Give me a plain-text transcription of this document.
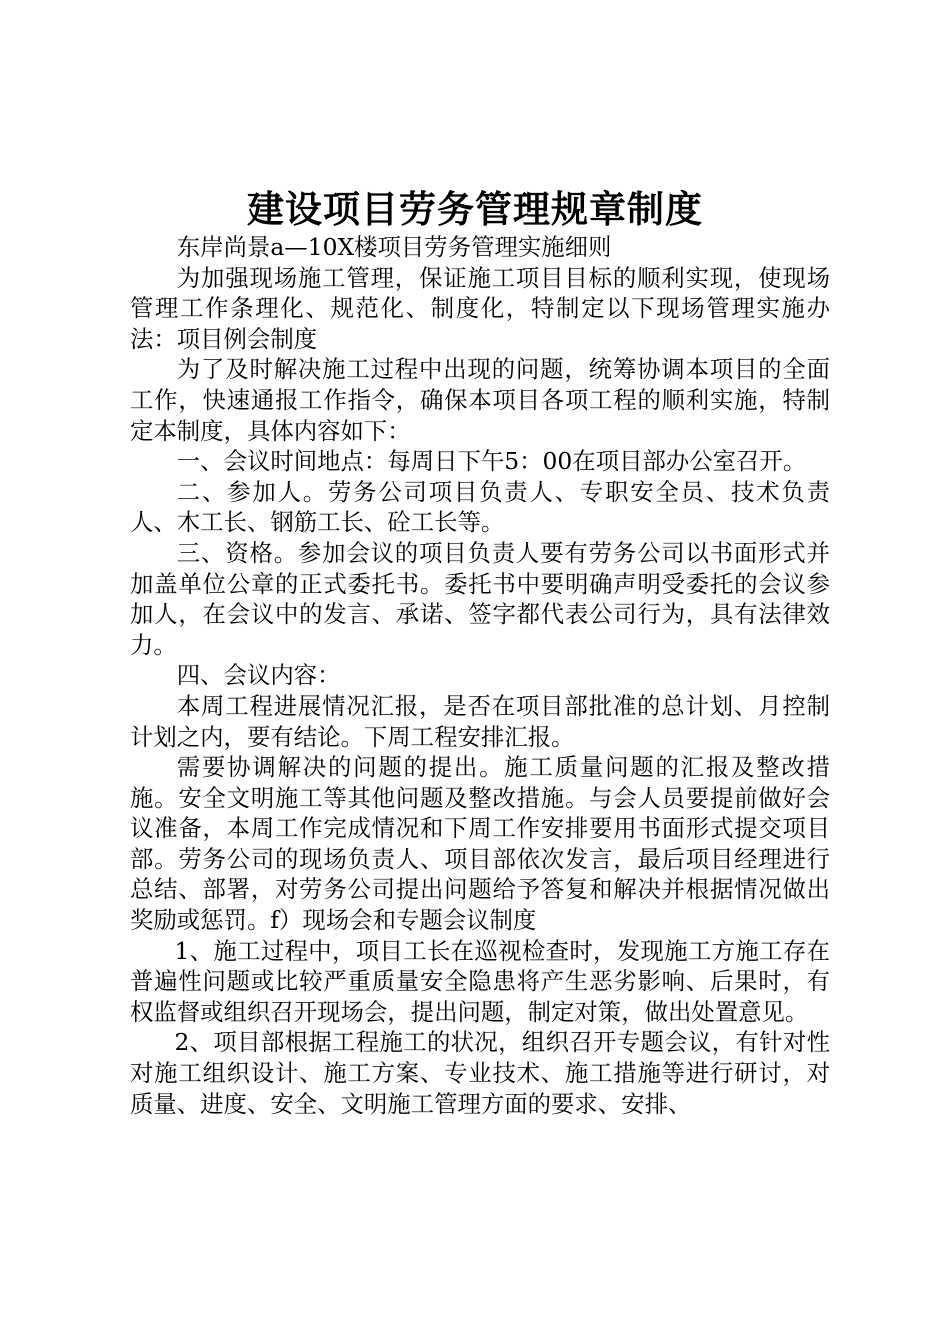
建设项目劳务管理规章制度

东岸尚景a—10X楼项目劳务管理实施细则

为加强现场施工管理，保证施工项目目标的顺利实现，使现场管理工作条理化、规范化、制度化，特制定以下现场管理实施办法：项目例会制度

为了及时解决施工过程中出现的问题，统筹协调本项目的全面工作，快速通报工作指令，确保本项目各项工程的顺利实施，特制定本制度，具体内容如下：

一、会议时间地点：每周日下午5：00在项目部办公室召开。

二、参加人。劳务公司项目负责人、专职安全员、技术负责人、木工长、钢筋工长、砼工长等。

三、资格。参加会议的项目负责人要有劳务公司以书面形式并加盖单位公章的正式委托书。委托书中要明确声明受委托的会议参加人，在会议中的发言、承诺、签字都代表公司行为，具有法律效力。

四、会议内容：

本周工程进展情况汇报，是否在项目部批准的总计划、月控制计划之内，要有结论。下周工程安排汇报。

需要协调解决的问题的提出。施工质量问题的汇报及整改措施。安全文明施工等其他问题及整改措施。与会人员要提前做好会议准备，本周工作完成情况和下周工作安排要用书面形式提交项目部。劳务公司的现场负责人、项目部依次发言，最后项目经理进行总结、部署，对劳务公司提出问题给予答复和解决并根据情况做出奖励或惩罚。f）现场会和专题会议制度

1、施工过程中，项目工长在巡视检查时，发现施工方施工存在普遍性问题或比较严重质量安全隐患将产生恶劣影响、后果时，有权监督或组织召开现场会，提出问题，制定对策，做出处置意见。

2、项目部根据工程施工的状况，组织召开专题会议，有针对性对施工组织设计、施工方案、专业技术、施工措施等进行研讨，对质量、进度、安全、文明施工管理方面的要求、安排、
